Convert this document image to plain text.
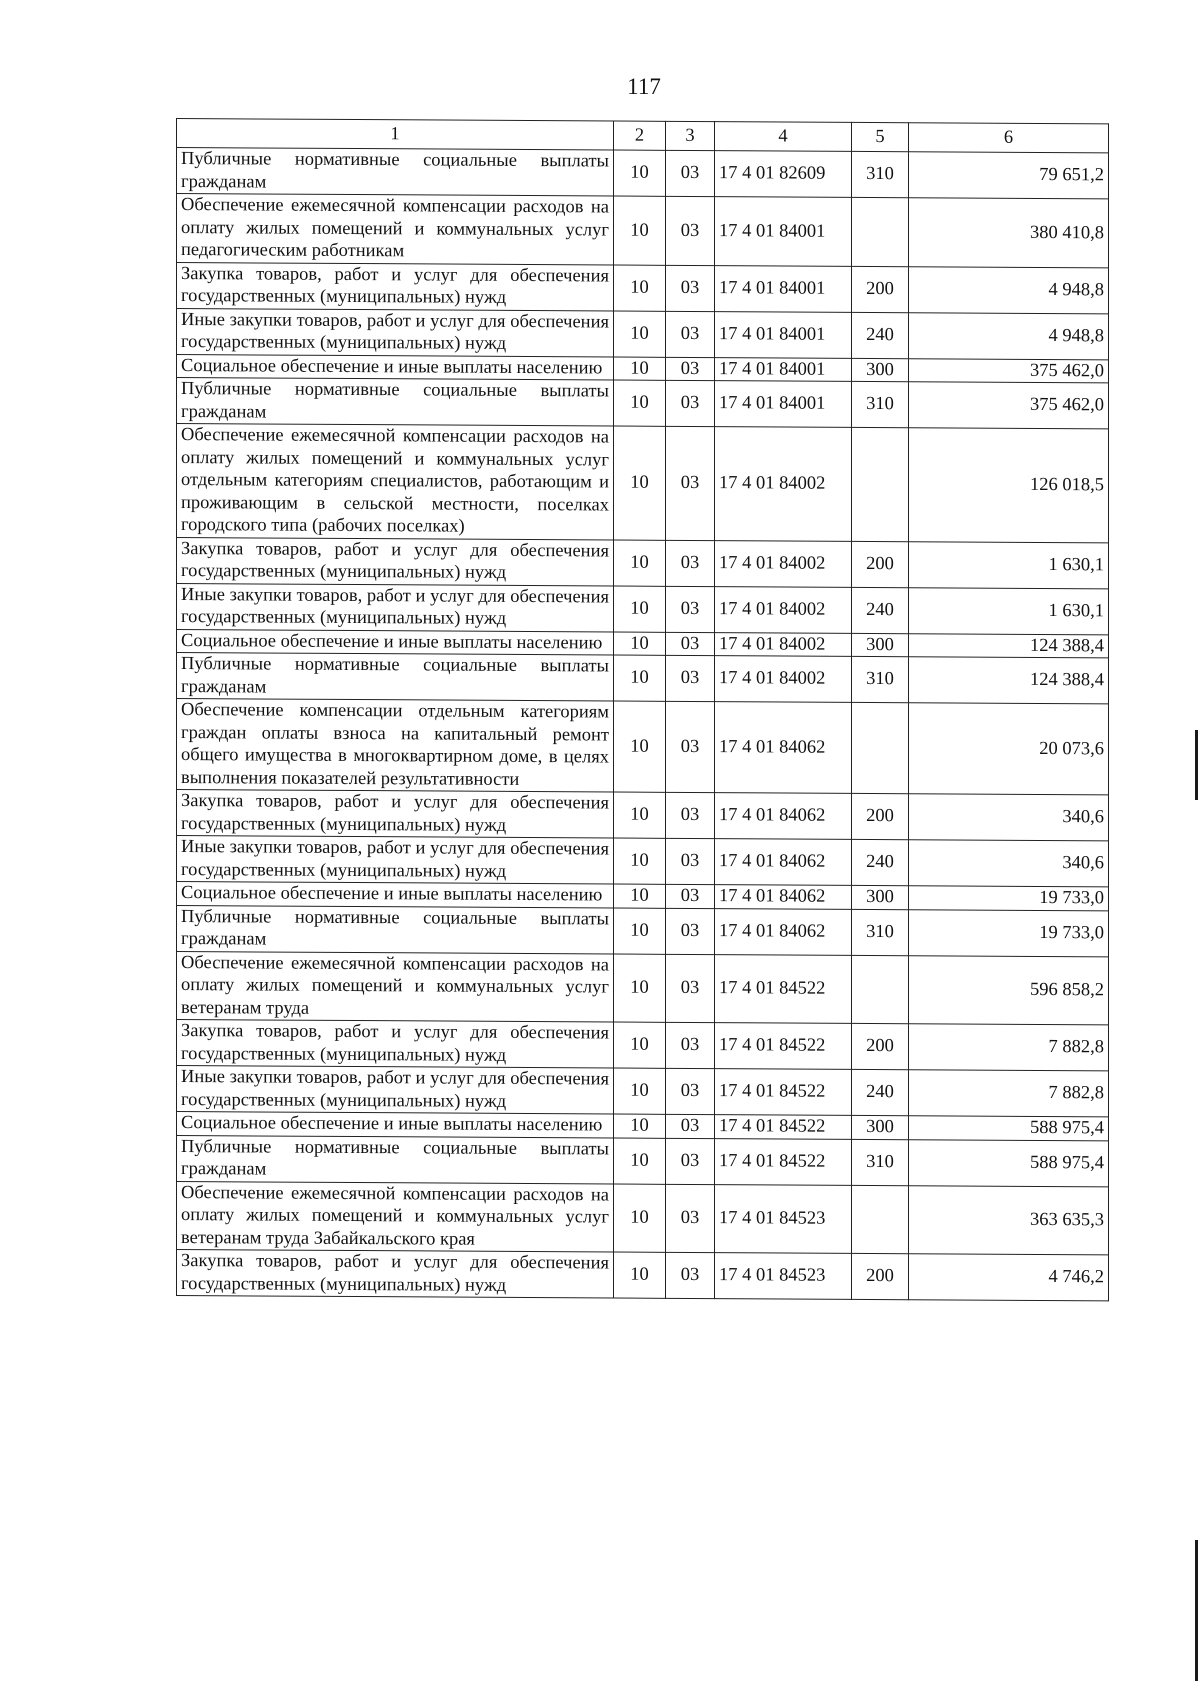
117
1	2	3	4	5	6
Публичные нормативные социальные выплаты гражданам	10	03	17 4 01 82609	310	79 651,2
Обеспечение ежемесячной компенсации расходов на оплату жилых помещений и коммунальных услуг педагогическим работникам	10	03	17 4 01 84001		380 410,8
Закупка товаров, работ и услуг для обеспечения государственных (муниципальных) нужд	10	03	17 4 01 84001	200	4 948,8
Иные закупки товаров, работ и услуг для обеспечения государственных (муниципальных) нужд	10	03	17 4 01 84001	240	4 948,8
Социальное обеспечение и иные выплаты населению	10	03	17 4 01 84001	300	375 462,0
Публичные нормативные социальные выплаты гражданам	10	03	17 4 01 84001	310	375 462,0
Обеспечение ежемесячной компенсации расходов на оплату жилых помещений и коммунальных услуг отдельным категориям специалистов, работающим и проживающим в сельской местности, поселках городского типа (рабочих поселках)	10	03	17 4 01 84002		126 018,5
Закупка товаров, работ и услуг для обеспечения государственных (муниципальных) нужд	10	03	17 4 01 84002	200	1 630,1
Иные закупки товаров, работ и услуг для обеспечения государственных (муниципальных) нужд	10	03	17 4 01 84002	240	1 630,1
Социальное обеспечение и иные выплаты населению	10	03	17 4 01 84002	300	124 388,4
Публичные нормативные социальные выплаты гражданам	10	03	17 4 01 84002	310	124 388,4
Обеспечение компенсации отдельным категориям граждан оплаты взноса на капитальный ремонт общего имущества в многоквартирном доме, в целях выполнения показателей результативности	10	03	17 4 01 84062		20 073,6
Закупка товаров, работ и услуг для обеспечения государственных (муниципальных) нужд	10	03	17 4 01 84062	200	340,6
Иные закупки товаров, работ и услуг для обеспечения государственных (муниципальных) нужд	10	03	17 4 01 84062	240	340,6
Социальное обеспечение и иные выплаты населению	10	03	17 4 01 84062	300	19 733,0
Публичные нормативные социальные выплаты гражданам	10	03	17 4 01 84062	310	19 733,0
Обеспечение ежемесячной компенсации расходов на оплату жилых помещений и коммунальных услуг ветеранам труда	10	03	17 4 01 84522		596 858,2
Закупка товаров, работ и услуг для обеспечения государственных (муниципальных) нужд	10	03	17 4 01 84522	200	7 882,8
Иные закупки товаров, работ и услуг для обеспечения государственных (муниципальных) нужд	10	03	17 4 01 84522	240	7 882,8
Социальное обеспечение и иные выплаты населению	10	03	17 4 01 84522	300	588 975,4
Публичные нормативные социальные выплаты гражданам	10	03	17 4 01 84522	310	588 975,4
Обеспечение ежемесячной компенсации расходов на оплату жилых помещений и коммунальных услуг ветеранам труда Забайкальского края	10	03	17 4 01 84523		363 635,3
Закупка товаров, работ и услуг для обеспечения государственных (муниципальных) нужд	10	03	17 4 01 84523	200	4 746,2
